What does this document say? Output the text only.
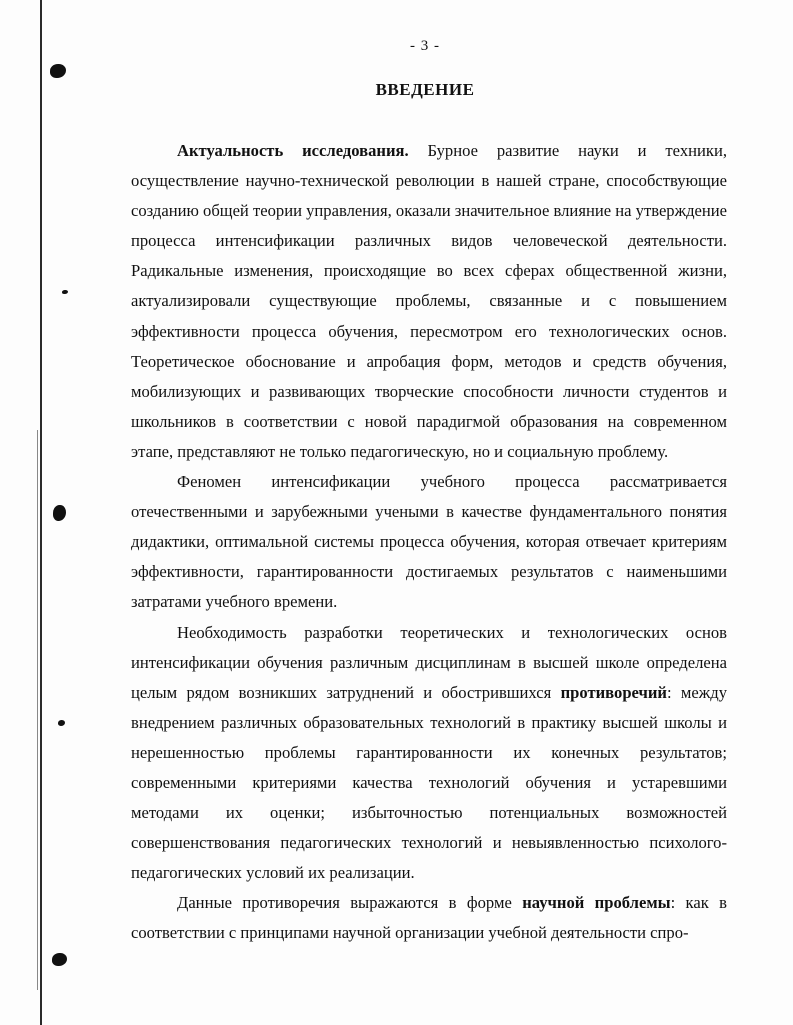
- 3 -
ВВЕДЕНИЕ

Актуальность исследования. Бурное развитие науки и техники, осуществление научно-технической революции в нашей стране, способствующие созданию общей теории управления, оказали значительное влияние на утверждение процесса интенсификации различных видов человеческой деятельности. Радикальные изменения, происходящие во всех сферах общественной жизни, актуализировали существующие проблемы, связанные и с повышением эффективности процесса обучения, пересмотром его технологических основ. Теоретическое обоснование и апробация форм, методов и средств обучения, мобилизующих и развивающих творческие способности личности студентов и школьников в соответствии с новой парадигмой образования на современном этапе, представляют не только педагогическую, но и социальную проблему.

Феномен интенсификации учебного процесса рассматривается отечественными и зарубежными учеными в качестве фундаментального понятия дидактики, оптимальной системы процесса обучения, которая отвечает критериям эффективности, гарантированности достигаемых результатов с наименьшими затратами учебного времени.

Необходимость разработки теоретических и технологических основ интенсификации обучения различным дисциплинам в высшей школе определена целым рядом возникших затруднений и обострившихся противоречий: между внедрением различных образовательных технологий в практику высшей школы и нерешенностью проблемы гарантированности их конечных результатов; современными критериями качества технологий обучения и устаревшими методами их оценки; избыточностью потенциальных возможностей совершенствования педагогических технологий и невыявленностью психолого-педагогических условий их реализации.

Данные противоречия выражаются в форме научной проблемы: как в соответствии с принципами научной организации учебной деятельности спро-
